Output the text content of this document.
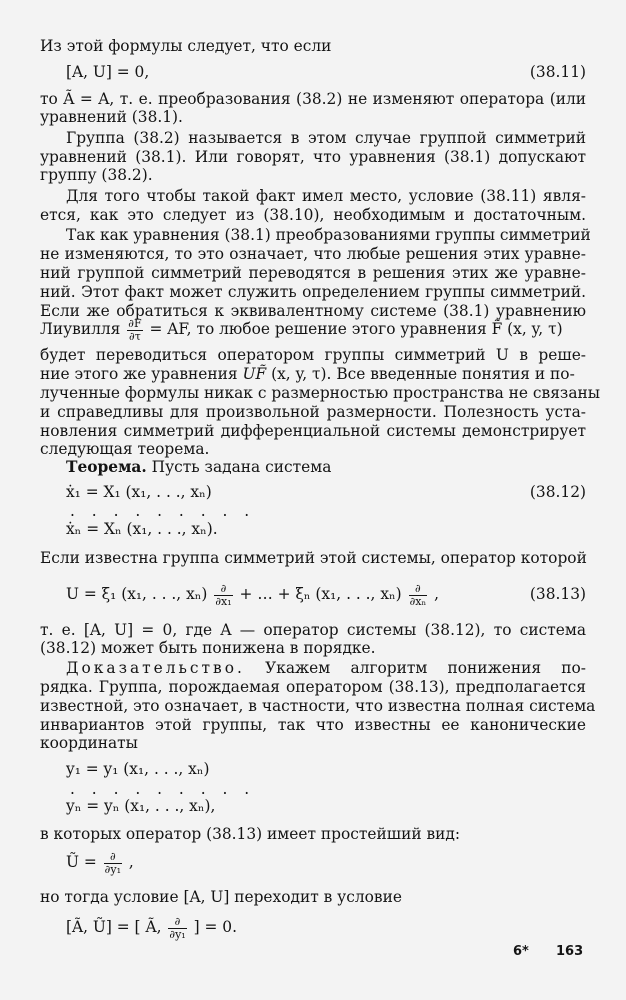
Из этой формулы следует, что если
[A, U] = 0,	(38.11)
то Ã = A, т. е. преобразования (38.2) не изменяют оператора (или
уравнений (38.1).
Группа (38.2) называется в этом случае группой симметрий
уравнений (38.1). Или говорят, что уравнения (38.1) допускают
группу (38.2).
Для того чтобы такой факт имел место, условие (38.11) явля-
ется, как это следует из (38.10), необходимым и достаточным.
Так как уравнения (38.1) преобразованиями группы симметрий
не изменяются, то это означает, что любые решения этих уравне-
ний группой симметрий переводятся в решения этих же уравне-
ний. Этот факт может служить определением группы симметрий.
Если же обратиться к эквивалентному системе (38.1) уравнению
Лиувилля $\frac{\partial F}{\partial\tau}$ = AF, то любое решение этого уравнения F̃ (x, y, τ)
будет переводиться оператором группы симметрий U в реше-
ние этого же уравнения UF̃ (x, y, τ). Все введенные понятия и по-
лученные формулы никак с размерностью пространства не связаны
и справедливы для произвольной размерности. Полезность уста-
новления симметрий дифференциальной системы демонстрирует
следующая теорема.
Теорема. Пусть задана система
ẋ₁ = X₁ (x₁, . . ., xₙ)	(38.12)
. . . . . . . . .
ẋₙ = Xₙ (x₁, . . ., xₙ).
Если известна группа симметрий этой системы, оператор которой
U = ξ₁ (x₁, . . ., $x_n) \frac{\partial}{\text{∂x₁}}$ + … + ξₙ (x₁, . . ., $x_n) \frac{\partial}{\text{∂xₙ}}$ ,	(38.13)
т. е. [A, U] = 0, где A — оператор системы (38.12), то система
(38.12) может быть понижена в порядке.
Доказательство. Укажем алгоритм понижения по-
рядка. Группа, порождаемая оператором (38.13), предполагается
известной, это означает, в частности, что известна полная система
инвариантов этой группы, так что известны ее канонические
координаты
y₁ = y₁ (x₁, . . ., xₙ)
. . . . . . . . .
yₙ = yₙ (x₁, . . ., xₙ),
в которых оператор (38.13) имеет простейший вид:
Ũ = $\frac{\partial}{\text{∂y₁}}$ ,
но тогда условие [A, U] переходит в условие
[Ã, Ũ] = [ Ã, $\frac{\partial}{\text{∂y₁}}$ ] = 0.
6* 163
